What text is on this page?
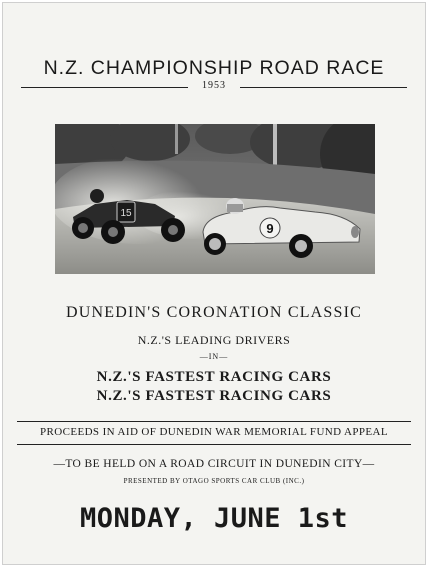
N.Z. CHAMPIONSHIP ROAD RACE
1953
15
9
DUNEDIN'S CORONATION CLASSIC
N.Z.'S LEADING DRIVERS
—IN—
N.Z.'S FASTEST RACING CARS
N.Z.'S FASTEST RACING CARS
PROCEEDS IN AID OF DUNEDIN WAR MEMORIAL FUND APPEAL
—TO BE HELD ON A ROAD CIRCUIT IN DUNEDIN CITY—
PRESENTED BY OTAGO SPORTS CAR CLUB (INC.)
MONDAY, JUNE 1st
